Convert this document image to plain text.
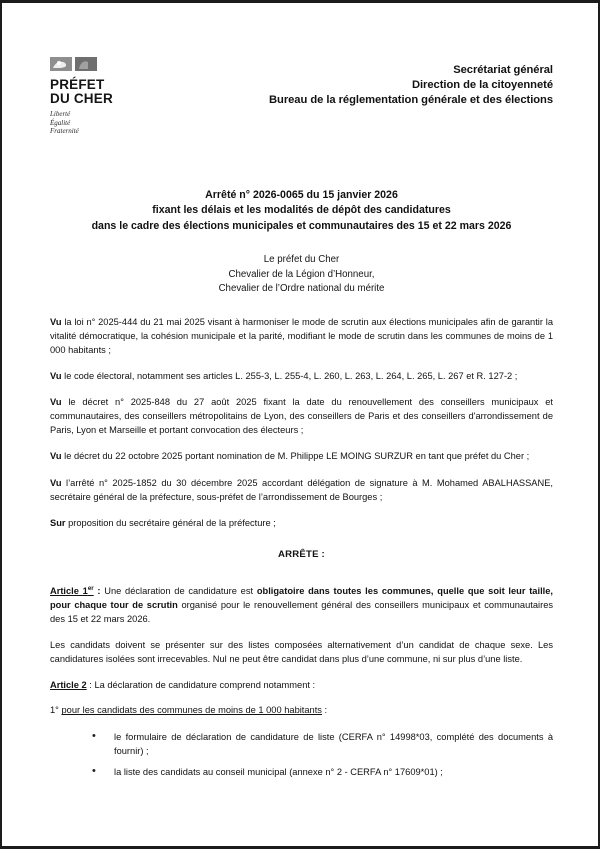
PRÉFET
DU CHER
Liberté
Égalité
Fraternité
Secrétariat général
Direction de la citoyenneté
Bureau de la réglementation générale et des élections
Arrêté n° 2026-0065 du 15 janvier 2026
fixant les délais et les modalités de dépôt des candidatures
dans le cadre des élections municipales et communautaires des 15 et 22 mars 2026
Le préfet du Cher
Chevalier de la Légion d’Honneur,
Chevalier de l’Ordre national du mérite

Vu la loi n° 2025-444 du 21 mai 2025 visant à harmoniser le mode de scrutin aux élections municipales afin de garantir la vitalité démocratique, la cohésion municipale et la parité, modifiant le mode de scrutin dans les communes de moins de 1 000 habitants ;

Vu le code électoral, notamment ses articles L. 255-3, L. 255-4, L. 260, L. 263, L. 264, L. 265, L. 267 et R. 127-2 ;

Vu le décret n° 2025-848 du 27 août 2025 fixant la date du renouvellement des conseillers municipaux et communautaires, des conseillers métropolitains de Lyon, des conseillers de Paris et des conseillers d'arrondissement de Paris, Lyon et Marseille et portant convocation des électeurs ;

Vu le décret du 22 octobre 2025 portant nomination de M. Philippe LE MOING SURZUR en tant que préfet du Cher ;

Vu l’arrêté n° 2025-1852 du 30 décembre 2025 accordant délégation de signature à M. Mohamed ABALHASSANE, secrétaire général de la préfecture, sous-préfet de l’arrondissement de Bourges ;

Sur proposition du secrétaire général de la préfecture ;

ARRÊTE :

Article 1er : Une déclaration de candidature est obligatoire dans toutes les communes, quelle que soit leur taille, pour chaque tour de scrutin organisé pour le renouvellement général des conseillers municipaux et communautaires des 15 et 22 mars 2026.

Les candidats doivent se présenter sur des listes composées alternativement d’un candidat de chaque sexe. Les candidatures isolées sont irrecevables. Nul ne peut être candidat dans plus d’une commune, ni sur plus d’une liste.

Article 2 : La déclaration de candidature comprend notamment :

1° pour les candidats des communes de moins de 1 000 habitants :

• le formulaire de déclaration de candidature de liste (CERFA n° 14998*03, complété des documents à fournir) ;
• la liste des candidats au conseil municipal (annexe n° 2 - CERFA n° 17609*01) ;
